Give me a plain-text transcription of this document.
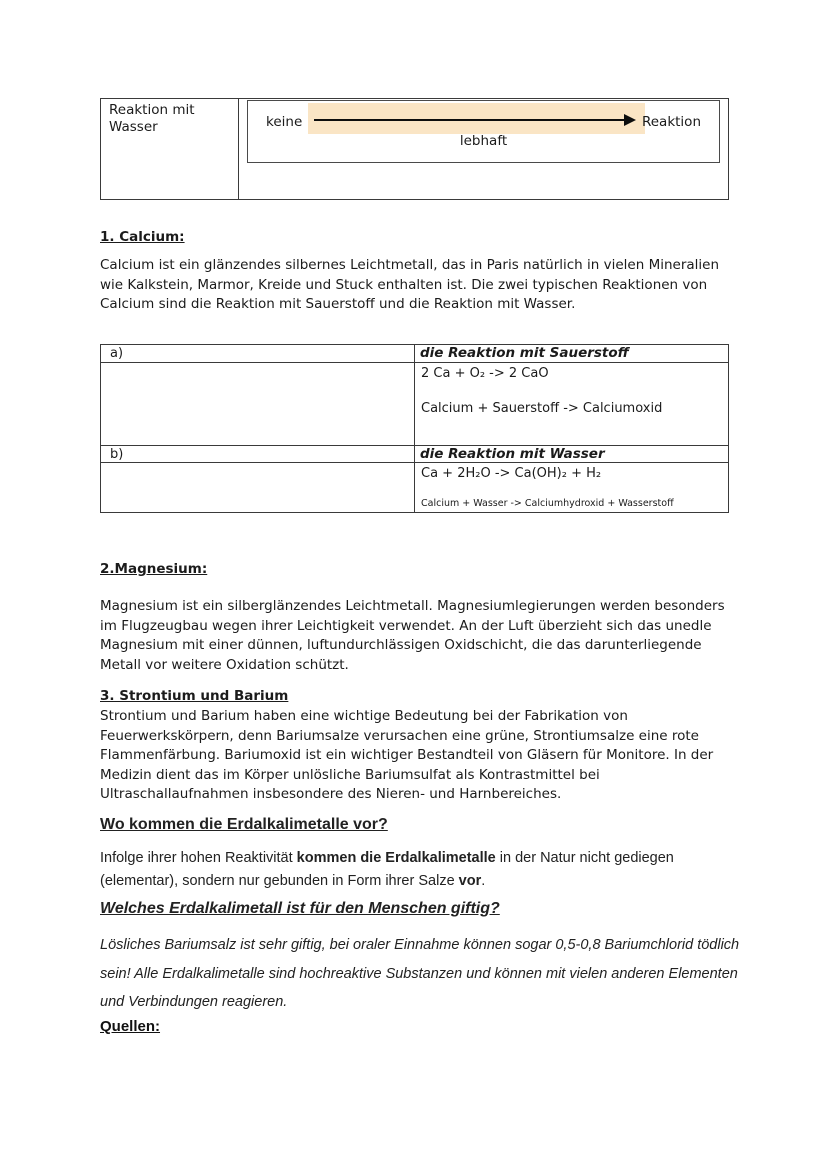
Reaktion mit Wasser	keine	Reaktion
lebhaft
1. Calcium:
Calcium ist ein glänzendes silbernes Leichtmetall, das in Paris natürlich in vielen Mineralien wie Kalkstein, Marmor, Kreide und Stuck enthalten ist. Die zwei typischen Reaktionen von Calcium sind die Reaktion mit Sauerstoff und die Reaktion mit Wasser.
a)	die Reaktion mit Sauerstoff
2 Ca + O₂ -> 2 CaO
Calcium + Sauerstoff -> Calciumoxid
b)	die Reaktion mit Wasser
Ca + 2H₂O -> Ca(OH)₂ + H₂
Calcium + Wasser -> Calciumhydroxid + Wasserstoff
2.Magnesium:
Magnesium ist ein silberglänzendes Leichtmetall. Magnesiumlegierungen werden besonders im Flugzeugbau wegen ihrer Leichtigkeit verwendet. An der Luft überzieht sich das unedle Magnesium mit einer dünnen, luftundurchlässigen Oxidschicht, die das darunterliegende Metall vor weitere Oxidation schützt.
3. Strontium und Barium
Strontium und Barium haben eine wichtige Bedeutung bei der Fabrikation von Feuerwerkskörpern, denn Bariumsalze verursachen eine grüne, Strontiumsalze eine rote Flammenfärbung. Bariumoxid ist ein wichtiger Bestandteil von Gläsern für Monitore. In der Medizin dient das im Körper unlösliche Bariumsulfat als Kontrastmittel bei Ultraschallaufnahmen insbesondere des Nieren- und Harnbereiches.
Wo kommen die Erdalkalimetalle vor?
Infolge ihrer hohen Reaktivität kommen die Erdalkalimetalle in der Natur nicht gediegen (elementar), sondern nur gebunden in Form ihrer Salze vor.
Welches Erdalkalimetall ist für den Menschen giftig?
Lösliches Bariumsalz ist sehr giftig, bei oraler Einnahme können sogar 0,5-0,8 Bariumchlorid tödlich sein! Alle Erdalkalimetalle sind hochreaktive Substanzen und können mit vielen anderen Elementen und Verbindungen reagieren.
Quellen:
